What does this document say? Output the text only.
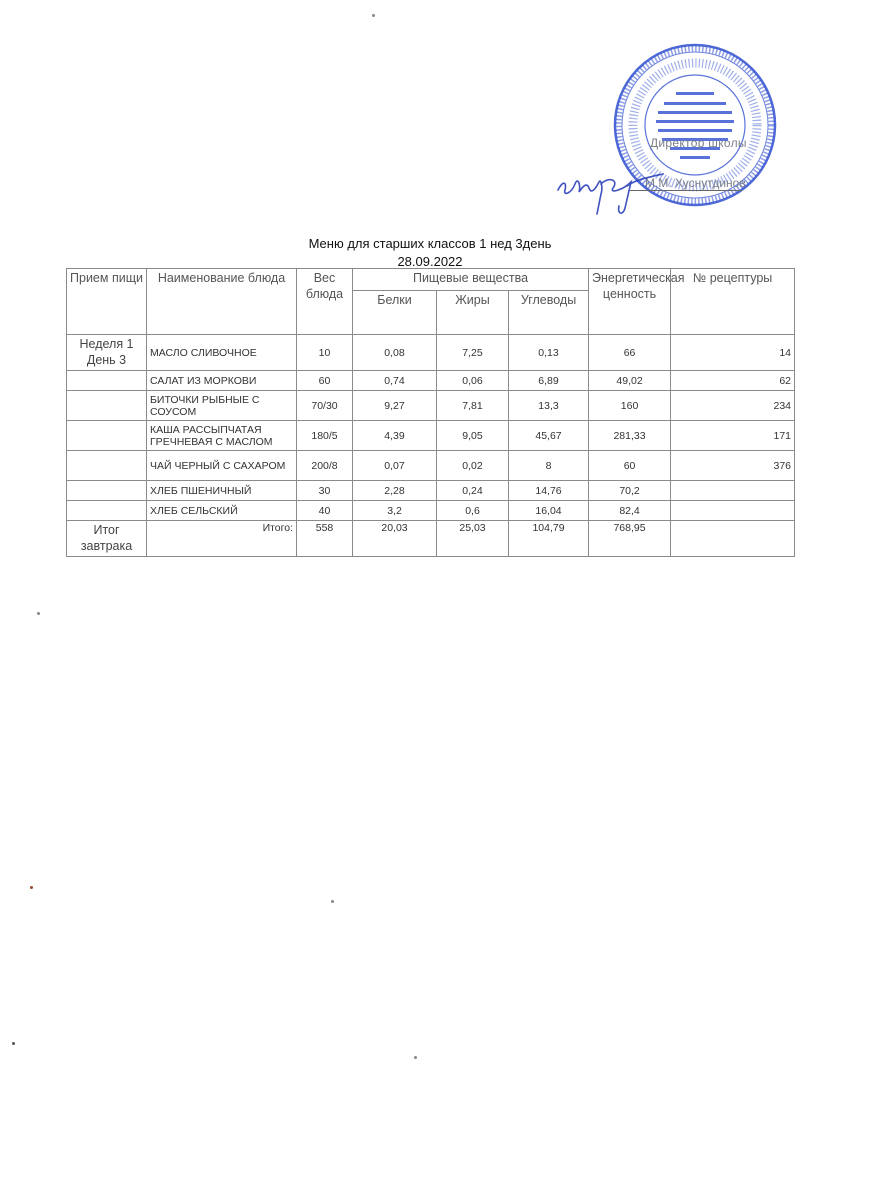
Директор школы
М.М. Хуснутдинов
Меню для старших классов 1 нед 3день
28.09.2022
Прием пищи	Наименование блюда	Вес блюда	Пищевые вещества			Энергетическая ценность	№ рецептуры
			Белки	Жиры	Углеводы		
Неделя 1 День 3	МАСЛО СЛИВОЧНОЕ	10	0,08	7,25	0,13	66	14
	САЛАТ ИЗ МОРКОВИ	60	0,74	0,06	6,89	49,02	62
	БИТОЧКИ РЫБНЫЕ С СОУСОМ	70/30	9,27	7,81	13,3	160	234
	КАША РАССЫПЧАТАЯ ГРЕЧНЕВАЯ С МАСЛОМ	180/5	4,39	9,05	45,67	281,33	171
	ЧАЙ ЧЕРНЫЙ С САХАРОМ	200/8	0,07	0,02	8	60	376
	ХЛЕБ ПШЕНИЧНЫЙ	30	2,28	0,24	14,76	70,2	
	ХЛЕБ СЕЛЬСКИЙ	40	3,2	0,6	16,04	82,4	
Итог завтрака	Итого:	558	20,03	25,03	104,79	768,95	
